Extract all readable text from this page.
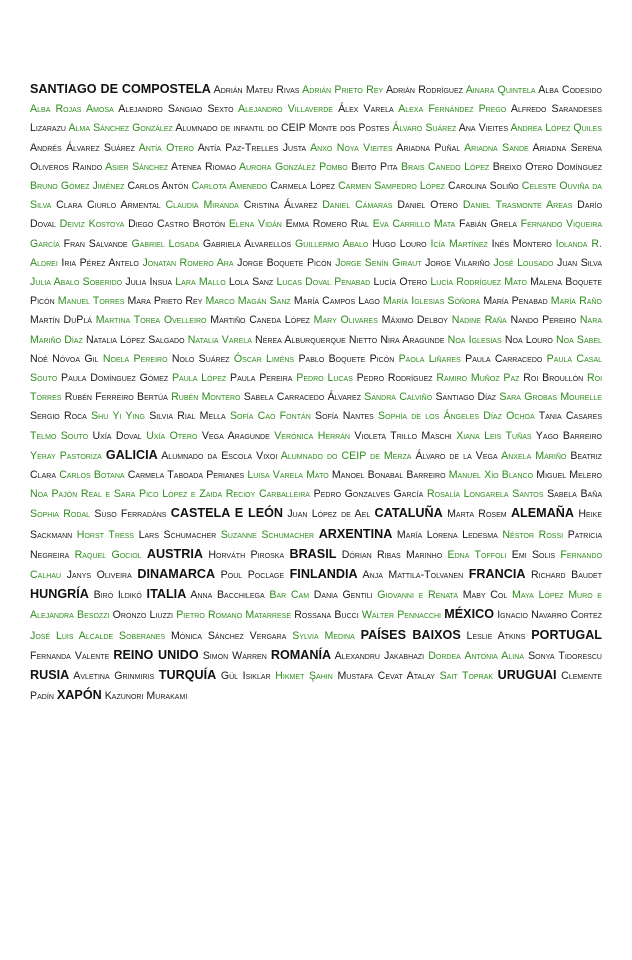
SANTIAGO DE COMPOSTELA Adrián Mateu Rivas Adrián Prieto Rey Adrián Rodríguez Ainara Quintela Alba Codesido Alba Rojas Amosa Alejandro Sangiao Sexto Alejandro Villaverde Álex Varela Alexa Fernández Prego Alfredo Sarandeses Lizarazu Alma Sánchez González Alumnado de infantil do CEIP Monte dos Postes Álvaro Suárez Ana Vieites Andrea López Quiles Andrés Álvarez Suárez Antía Otero Antía Paz-Trelles Justa Anxo Noya Vieites Ariadna Puñal Ariadna Sande Ariadna Serena Oliveros Raindo Asier Sánchez Atenea Riomao Aurora González Pombo Bieito Pita Brais Canedo López Breixo Otero Domínguez Bruno Gómez Jiménez Carlos Antón Carlota Amenedo Carmela López Carmen Sampedro López Carolina Soliño Celeste Ouviña da Silva Clara Ciurlo Armental Claudia Miranda Cristina Álvarez Daniel Cámaras Daniel Otero Daniel Trasmonte Areas Darío Doval Deiviz Kostoya Diego Castro Brotón Elena Vidán Emma Romero Rial Eva Carrillo Mata Fabián Grela Fernando Viqueira García Fran Salvande Gabriel Losada Gabriela Alvarellos Guillermo Abalo Hugo Louro Icía Martínez Inés Montero Iolanda R. Aldrei Iria Pérez Antelo Jonatan Romero Ara Jorge Boquete Picón Jorge Senín Giraut Jorge Vilariño José Lousado Juan Silva Julia Abalo Soberido Julia Insua Lara Mallo Lola Sanz Lucas Doval Penabad Lucía Otero Lucía Rodríguez Mato Malena Boquete Picón Manuel Torres Mara Prieto Rey Marco Magán Sanz María Campos Lago María Iglesias Sóñora María Penabad María Raño Martín DuPlá Martina Torea Ovelleiro Martiño Caneda López Mary Olivares Máximo Delboy Nadine Raña Nando Pereiro Nara Mariño Díaz Natalia López Salgado Natalia Varela Nerea Alburquerque Nietto Nira Aragunde Noa Iglesias Noa Louro Noa Sabel Noé Nóvoa Gil Noela Pereiro Nolo Suárez Óscar Liméns Pablo Boquete Picón Paola Liñares Paula Carracedo Paula Casal Souto Paula Domínguez Gómez Paula López Paula Pereira Pedro Lucas Pedro Rodríguez Ramiro Muñoz Paz Roi Broullón Roi Torres Rubén Ferreiro Bertúa Rubén Montero Sabela Carracedo Álvarez Sandra Calviño Santiago Díaz Sara Grobas Mourelle Sergio Roca Shu Yi Ying Silvia Rial Mella Sofía Cao Fontán Sofía Nantes Sophía de los Ángeles Díaz Ochoa Tania Casares Telmo Souto Uxía Doval Uxía Otero Vega Aragunde Verónica Herrán Violeta Trillo Maschi Xiana Leis Tuñas Yago Barreiro Yeray Pastoriza GALICIA Alumnado da Escola Vixoi Alumnado do CEIP de Merza Álvaro de la Vega Anxela Mariño Beatriz Clara Carlos Botana Carmela Taboada Perianes Luisa Varela Mato Manoel Bonabal Barreiro Manuel Xío Blanco Miguel Melero Noa Pajón Real e Sara Pico López e Zaida Recioy Carballeira Pedro Gonzalves García Rosalía Longarela Santos Sabela Baña Sophia Rodal Suso Ferradáns CASTELA E LEÓN Juan López de Ael CATALUÑA Marta Rosem ALEMAÑA Heike Sackmann Horst Tress Lars Schumacher Suzanne Schumacher ARXENTINA María Lorena Ledesma Néstor Rossi Patricia Negreira Raquel Gociol AUSTRIA Horváth Piroska BRASIL Dórian Ribas Marinho Edna Toffoli Emi Solis Fernando Calhau Janys Oliveira DINAMARCA Poul Poclage FINLANDIA Anja Mattila-Tolvanen FRANCIA Richard Baudet HUNGRÍA Biró Ildikó ITALIA Anna Bacchilega Bar Cam Dania Gentili Giovanni e Renata Maby Col Maya López Muro e Alejandra Besozzi Oronzo Liuzzi Pietro Romano Matarrese Rossana Bucci Walter Pennacchi MÉXICO Ignacio Navarro Cortez José Luis Alcalde Soberanes Mónica Sánchez Vergara Sylvia Medina PAÍSES BAIXOS Leslie Atkins PORTUGAL Fernanda Valente REINO UNIDO Simon Warren ROMANÍA Alexandru Jakabhazi Dordea Antonia Alina Sonya Tidorescu RUSIA Avletina Grinmiris TURQUÍA Gül Isiklar Hikmet Şahin Mustafa Cevat Atalay Sait Toprak URUGUAI Clemente Padín XAPÓN Kazunori Murakami
